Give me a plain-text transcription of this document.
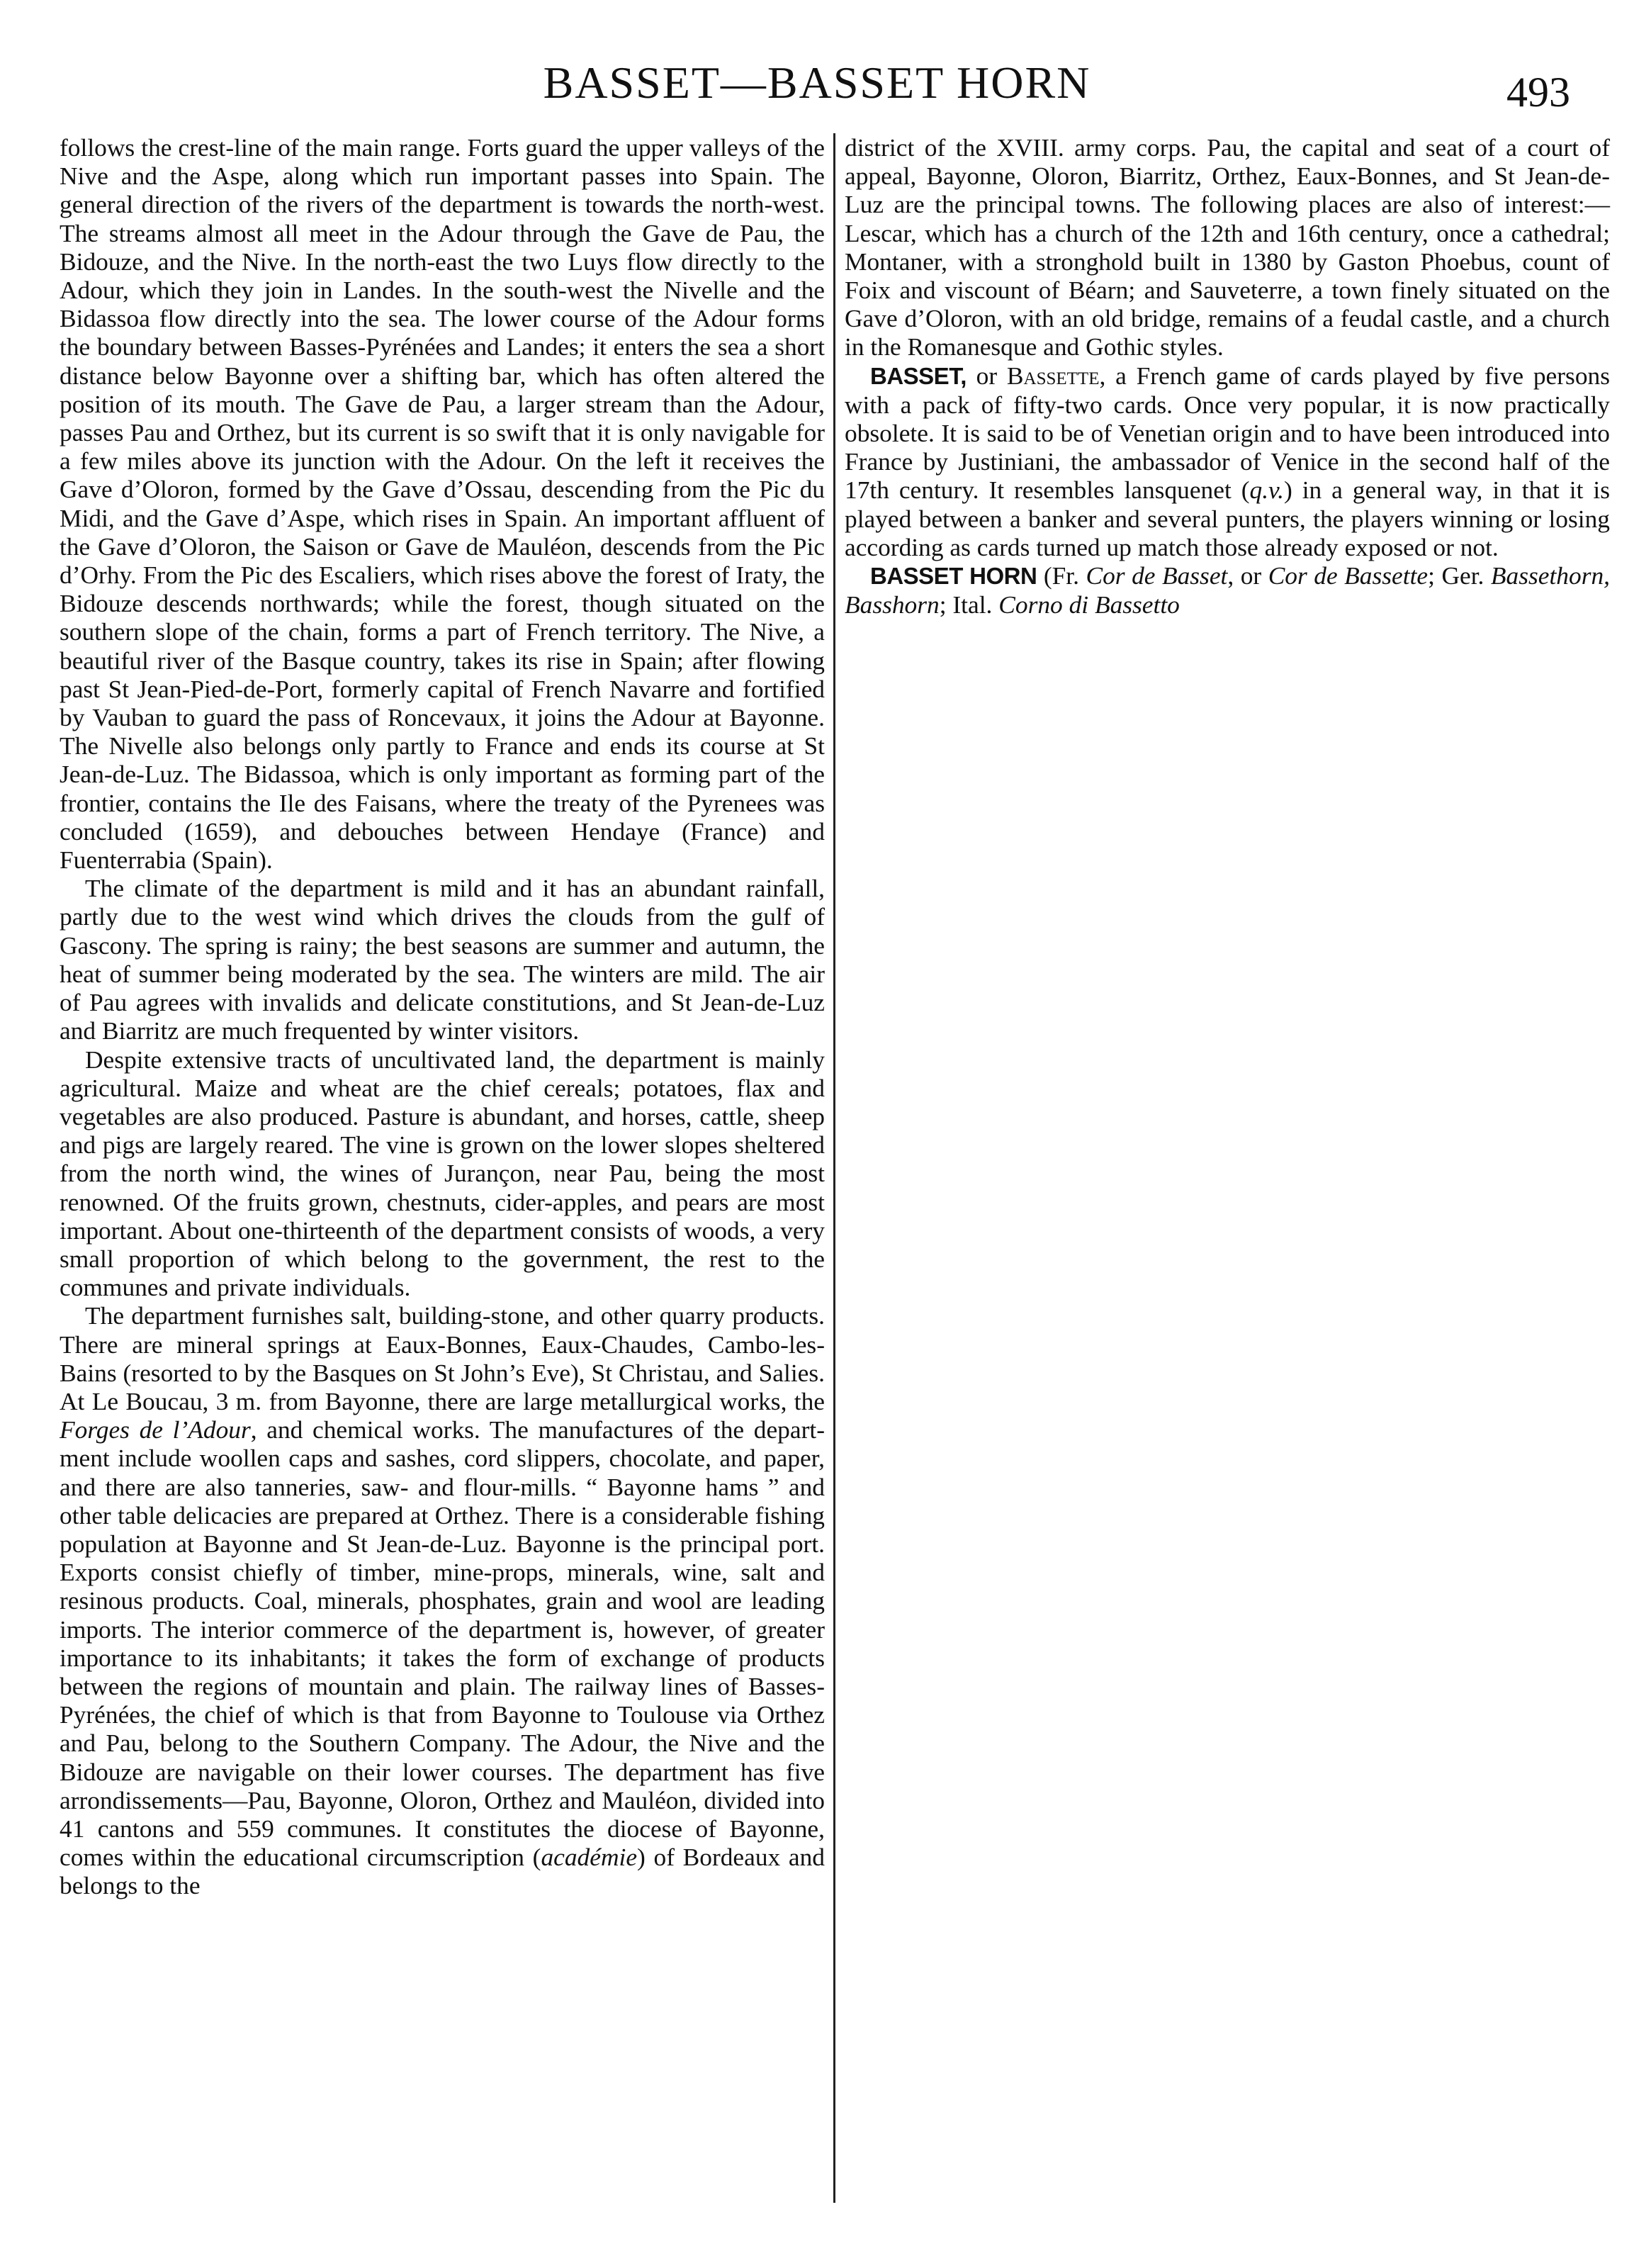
BASSET—BASSET HORN	493

follows the crest-line of the main range. Forts guard the upper valleys of the Nive and the Aspe, along which run important passes into Spain. The general direction of the rivers of the department is towards the north-west. The streams almost all meet in the Adour through the Gave de Pau, the Bidouze, and the Nive. In the north-east the two Luys flow directly to the Adour, which they join in Landes. In the south-west the Nivelle and the Bidassoa flow directly into the sea. The lower course of the Adour forms the boundary between Basses-Pyrénées and Landes; it enters the sea a short distance below Bayonne over a shifting bar, which has often altered the position of its mouth. The Gave de Pau, a larger stream than the Adour, passes Pau and Orthez, but its current is so swift that it is only navigable for a few miles above its junction with the Adour. On the left it receives the Gave d’Oloron, formed by the Gave d’Ossau, descending from the Pic du Midi, and the Gave d’Aspe, which rises in Spain. An important affluent of the Gave d’Oloron, the Saison or Gave de Mauléon, descends from the Pic d’Orhy. From the Pic des Escaliers, which rises above the forest of Iraty, the Bidouze descends northwards; while the forest, though situated on the southern slope of the chain, forms a part of French territory. The Nive, a beautiful river of the Basque country, takes its rise in Spain; after flowing past St Jean-Pied-de-Port, formerly capital of French Navarre and fortified by Vauban to guard the pass of Roncevaux, it joins the Adour at Bayonne. The Nivelle also belongs only partly to France and ends its course at St Jean-de-Luz. The Bidassoa, which is only important as forming part of the frontier, contains the Ile des Faisans, where the treaty of the Pyrenees was concluded (1659), and debouches between Hendaye (France) and Fuenterrabia (Spain).

The climate of the department is mild and it has an abundant rainfall, partly due to the west wind which drives the clouds from the gulf of Gascony. The spring is rainy; the best seasons are summer and autumn, the heat of summer being moderated by the sea. The winters are mild. The air of Pau agrees with invalids and delicate constitutions, and St Jean-de-Luz and Biarritz are much frequented by winter visitors.

Despite extensive tracts of uncultivated land, the department is mainly agricultural. Maize and wheat are the chief cereals; potatoes, flax and vegetables are also produced. Pasture is abundant, and horses, cattle, sheep and pigs are largely reared. The vine is grown on the lower slopes sheltered from the north wind, the wines of Jurançon, near Pau, being the most renowned. Of the fruits grown, chestnuts, cider-apples, and pears are most important. About one-thirteenth of the department consists of woods, a very small proportion of which belong to the government, the rest to the communes and private individuals.

The department furnishes salt, building-stone, and other quarry products. There are mineral springs at Eaux-Bonnes, Eaux-Chaudes, Cambo-les-Bains (resorted to by the Basques on St John’s Eve), St Christau, and Salies. At Le Boucau, 3 m. from Bayonne, there are large metallurgical works, the Forges de l’Adour, and chemical works. The manufactures of the department include woollen caps and sashes, cord slippers, chocolate, and paper, and there are also tanneries, saw- and flour-mills. “ Bayonne hams ” and other table delicacies are prepared at Orthez. There is a considerable fishing population at Bayonne and St Jean-de-Luz. Bayonne is the principal port. Exports consist chiefly of timber, mine-props, minerals, wine, salt and resinous products. Coal, minerals, phosphates, grain and wool are leading imports. The interior commerce of the department is, however, of greater importance to its inhabitants; it takes the form of exchange of products between the regions of mountain and plain. The railway lines of Basses-Pyrénées, the chief of which is that from Bayonne to Toulouse via Orthez and Pau, belong to the Southern Company. The Adour, the Nive and the Bidouze are navigable on their lower courses. The department has five arrondissements—Pau, Bayonne, Oloron, Orthez and Mauléon, divided into 41 cantons and 559 communes. It constitutes the diocese of Bayonne, comes within the educational circumscription (académie) of Bordeaux and belongs to the

district of the XVIII. army corps. Pau, the capital and seat of a court of appeal, Bayonne, Oloron, Biarritz, Orthez, Eaux-Bonnes, and St Jean-de-Luz are the principal towns. The following places are also of interest:—Lescar, which has a church of the 12th and 16th century, once a cathedral; Montaner, with a stronghold built in 1380 by Gaston Phoebus, count of Foix and viscount of Béarn; and Sauveterre, a town finely situated on the Gave d’Oloron, with an old bridge, remains of a feudal castle, and a church in the Romanesque and Gothic styles.

BASSET, or Bassette, a French game of cards played by five persons with a pack of fifty-two cards. Once very popular, it is now practically obsolete. It is said to be of Venetian origin and to have been introduced into France by Justiniani, the ambassador of Venice in the second half of the 17th century. It resembles lansquenet (q.v.) in a general way, in that it is played between a banker and several punters, the players winning or losing according as cards turned up match those already exposed or not.

BASSET HORN (Fr. Cor de Basset, or Cor de Bassette; Ger. Bassethorn, Basshorn; Ital. Corno di Bassetto
